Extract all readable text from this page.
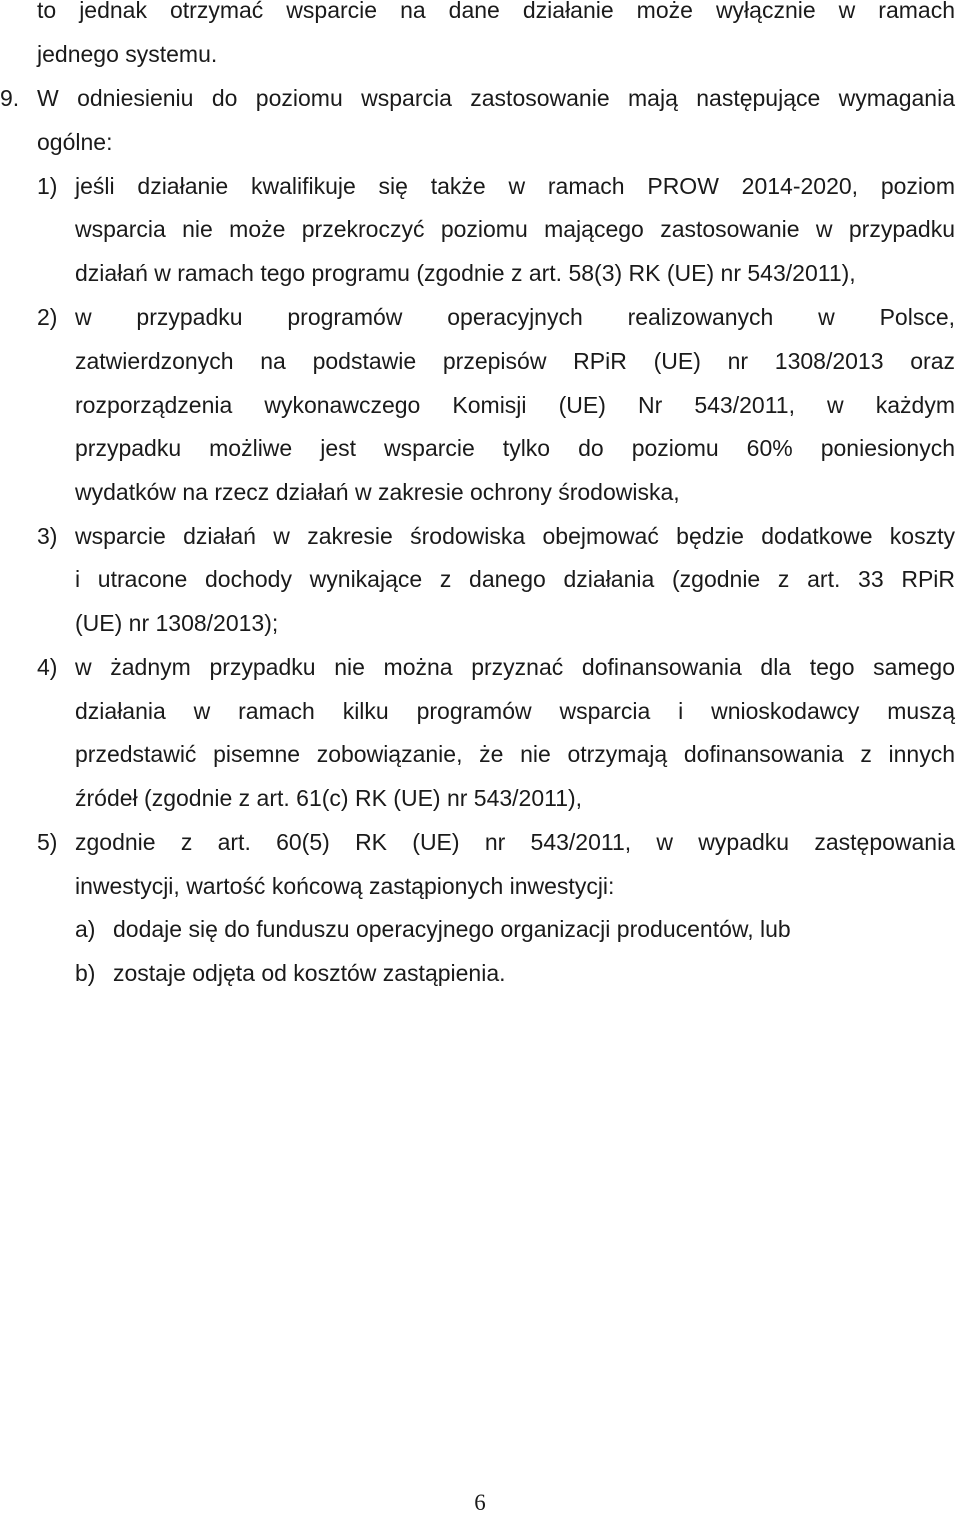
to jednak otrzymać wsparcie na dane działanie może wyłącznie w ramach
jednego systemu.
9. W odniesieniu do poziomu wsparcia zastosowanie mają następujące wymagania
ogólne:
1) jeśli działanie kwalifikuje się także w ramach PROW 2014-2020, poziom
wsparcia nie może przekroczyć poziomu mającego zastosowanie w przypadku
działań w ramach tego programu (zgodnie z art. 58(3) RK (UE) nr 543/2011),
2) w przypadku programów operacyjnych realizowanych w Polsce,
zatwierdzonych na podstawie przepisów RPiR (UE) nr 1308/2013 oraz
rozporządzenia wykonawczego Komisji (UE) Nr 543/2011, w każdym
przypadku możliwe jest wsparcie tylko do poziomu 60% poniesionych
wydatków na rzecz działań w zakresie ochrony środowiska,
3) wsparcie działań w zakresie środowiska obejmować będzie dodatkowe koszty
i utracone dochody wynikające z danego działania (zgodnie z art. 33 RPiR
(UE) nr 1308/2013);
4) w żadnym przypadku nie można przyznać dofinansowania dla tego samego
działania w ramach kilku programów wsparcia i wnioskodawcy muszą
przedstawić pisemne zobowiązanie, że nie otrzymają dofinansowania z innych
źródeł (zgodnie z art. 61(c) RK (UE) nr 543/2011),
5) zgodnie z art. 60(5) RK (UE) nr 543/2011, w wypadku zastępowania
inwestycji, wartość końcową zastąpionych inwestycji:
a) dodaje się do funduszu operacyjnego organizacji producentów, lub
b) zostaje odjęta od kosztów zastąpienia.
6
